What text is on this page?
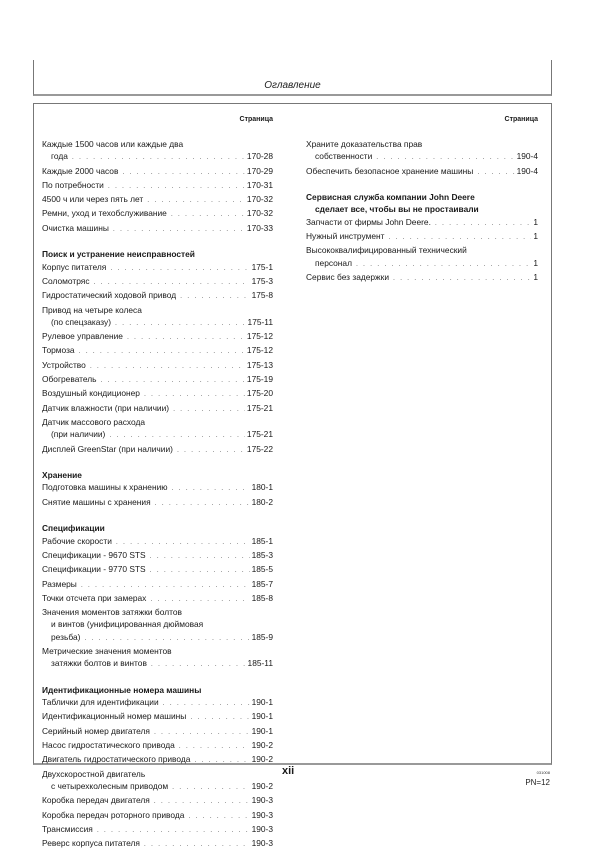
Оглавление
Страница
Каждые 1500 часов или каждые два
года . . .	170-28
Каждые 2000 часов . . .	170-29
По потребности . . .	170-31
4500 ч или через пять лет . . .	170-32
Ремни, уход и техобслуживание . . .	170-32
Очистка машины . . .	170-33
Поиск и устранение неисправностей
Корпус питателя . . .	175-1
Соломотряс . . .	175-3
Гидростатический ходовой привод . . .	175-8
Привод на четыре колеса
(по спецзаказу) . . .	175-11
Рулевое управление . . .	175-12
Тормоза . . .	175-12
Устройство . . .	175-13
Обогреватель . . .	175-19
Воздушный кондиционер . . .	175-20
Датчик влажности (при наличии) . . .	175-21
Датчик массового расхода
(при наличии) . . .	175-21
Дисплей GreenStar (при наличии) . . .	175-22
Хранение
Подготовка машины к хранению . . .	180-1
Снятие машины с хранения . . .	180-2
Спецификации
Рабочие скорости . . .	185-1
Спецификации - 9670 STS . . .	185-3
Спецификации - 9770 STS . . .	185-5
Размеры . . .	185-7
Точки отсчета при замерах . . .	185-8
Значения моментов затяжки болтов
и винтов (унифицированная дюймовая
резьба) . . .	185-9
Метрические значения моментов
затяжки болтов и винтов . . .	185-11
Идентификационные номера машины
Таблички для идентификации . . .	190-1
Идентификационный номер машины . . .	190-1
Серийный номер двигателя . . .	190-1
Насос гидростатического привода . . .	190-2
Двигатель гидростатического привода . . .	190-2
Двухскоростной двигатель
с четырехколесным приводом . . .	190-2
Коробка передач двигателя . . .	190-3
Коробка передач роторного привода . . .	190-3
Трансмиссия . . .	190-3
Реверс корпуса питателя . . .	190-3
Страница
Храните доказательства прав
собственности . . .	190-4
Обеспечить безопасное хранение машины . . .	190-4
Сервисная служба компании John Deere
сделает все, чтобы вы не простаивали
Запчасти от фирмы John Deere. . . .	1
Нужный инструмент . . .	1
Высококвалифицированный технический
персонал . . .	1
Сервис без задержки . . .	1
xii	031008
PN=12
